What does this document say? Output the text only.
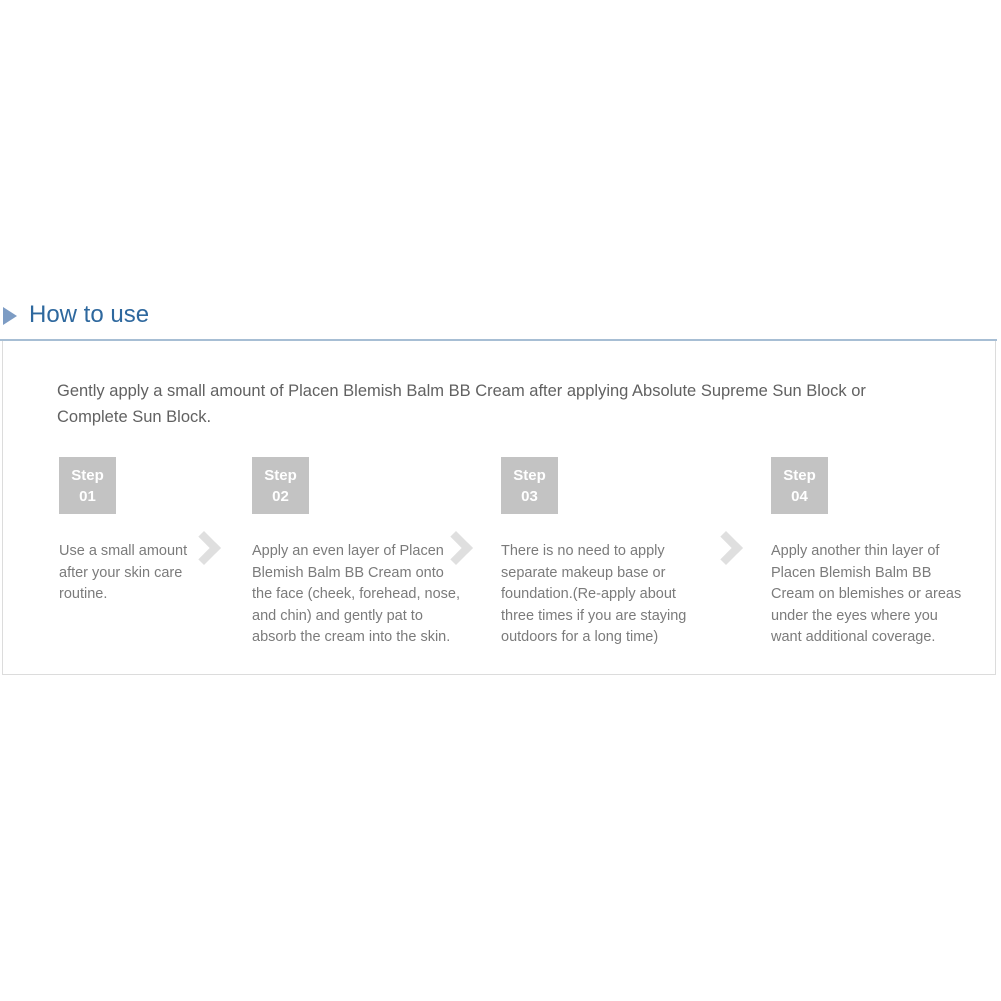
How to use

Gently apply a small amount of Placen Blemish Balm BB Cream after applying Absolute Supreme Sun Block or Complete Sun Block.

Step
01

Use a small amount after your skin care routine.

Step
02

Apply an even layer of Placen Blemish Balm BB Cream onto the face (cheek, forehead, nose, and chin) and gently pat to absorb the cream into the skin.

Step
03

There is no need to apply separate makeup base or foundation.(Re-apply about three times if you are staying outdoors for a long time)

Step
04

Apply another thin layer of Placen Blemish Balm BB Cream on blemishes or areas under the eyes where you want additional coverage.
